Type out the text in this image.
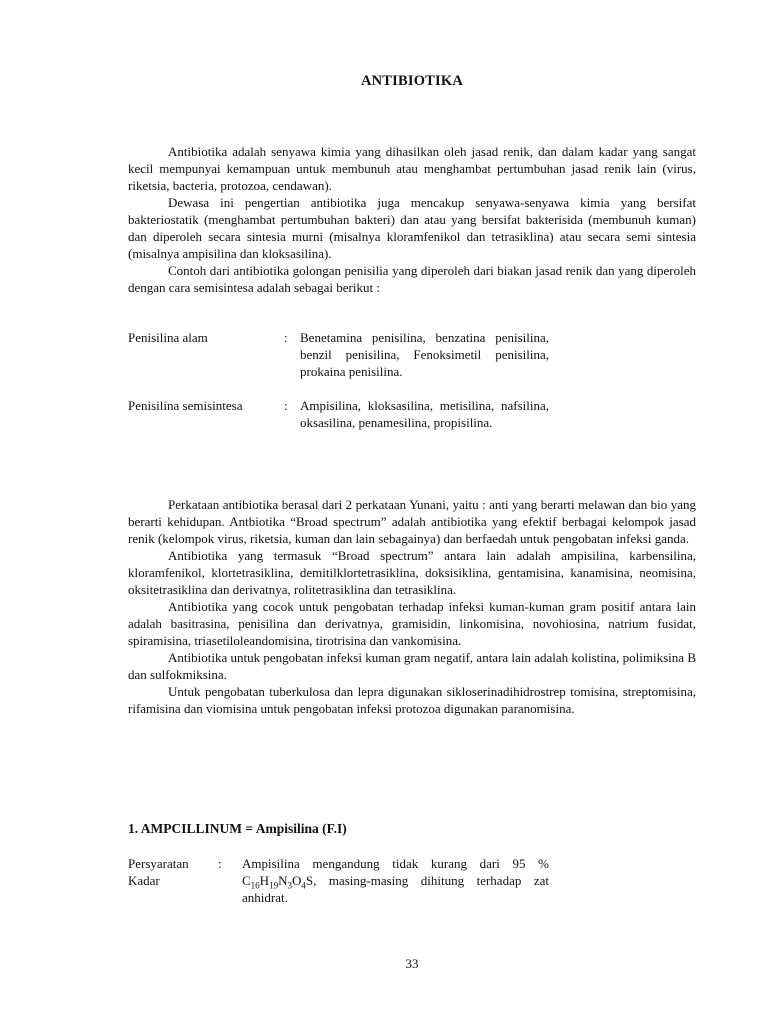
ANTIBIOTIKA

Antibiotika adalah senyawa kimia yang dihasilkan oleh jasad renik, dan dalam kadar yang sangat kecil mempunyai kemampuan untuk membunuh atau menghambat pertumbuhan jasad renik lain (virus, riketsia, bacteria, protozoa, cendawan).

Dewasa ini pengertian antibiotika juga mencakup senyawa-senyawa kimia yang bersifat bakteriostatik (menghambat pertumbuhan bakteri) dan atau yang bersifat bakterisida (membunuh kuman) dan diperoleh secara sintesia murni (misalnya kloramfenikol dan tetrasiklina) atau secara semi sintesia (misalnya ampisilina dan kloksasilina).

Contoh dari antibiotika golongan penisilia yang diperoleh dari biakan jasad renik dan yang diperoleh dengan cara semisintesa adalah sebagai berikut :

Penisilina alam	: Benetamina penisilina, benzatina penisilina, benzil penisilina, Fenoksimetil penisilina, prokaina penisilina.
Penisilina semisintesa	: Ampisilina, kloksasilina, metisilina, nafsilina, oksasilina, penamesilina, propisilina.

Perkataan antibiotika berasal dari 2 perkataan Yunani, yaitu : anti yang berarti melawan dan bio yang berarti kehidupan. Antbiotika “Broad spectrum” adalah antibiotika yang efektif berbagai kelompok jasad renik (kelompok virus, riketsia, kuman dan lain sebagainya) dan berfaedah untuk pengobatan infeksi ganda.

Antibiotika yang termasuk “Broad spectrum” antara lain adalah ampisilina, karbensilina, kloramfenikol, klortetrasiklina, demitilklortetrasiklina, doksisiklina, gentamisina, kanamisina, neomisina, oksitetrasiklina dan derivatnya, rolitetrasiklina dan tetrasiklina.

Antibiotika yang cocok untuk pengobatan terhadap infeksi kuman-kuman gram positif antara lain adalah basitrasina, penisilina dan derivatnya, gramisidin, linkomisina, novohiosina, natrium fusidat, spiramisina, triasetiloleandomisina, tirotrisina dan vankomisina.

Antibiotika untuk pengobatan infeksi kuman gram negatif, antara lain adalah kolistina, polimiksina B dan sulfokmiksina.

Untuk pengobatan tuberkulosa dan lepra digunakan sikloserinadihidrostrep tomisina, streptomisina, rifamisina dan viomisina untuk pengobatan infeksi protozoa digunakan paranomisina.

1. AMPCILLINUM = Ampisilina (F.I)
Persyaratan Kadar
:	Ampisilina mengandung tidak kurang dari 95 % $C_{16}H_{19}N_3O_4S$, masing-masing dihitung terhadap zat anhidrat.
33
